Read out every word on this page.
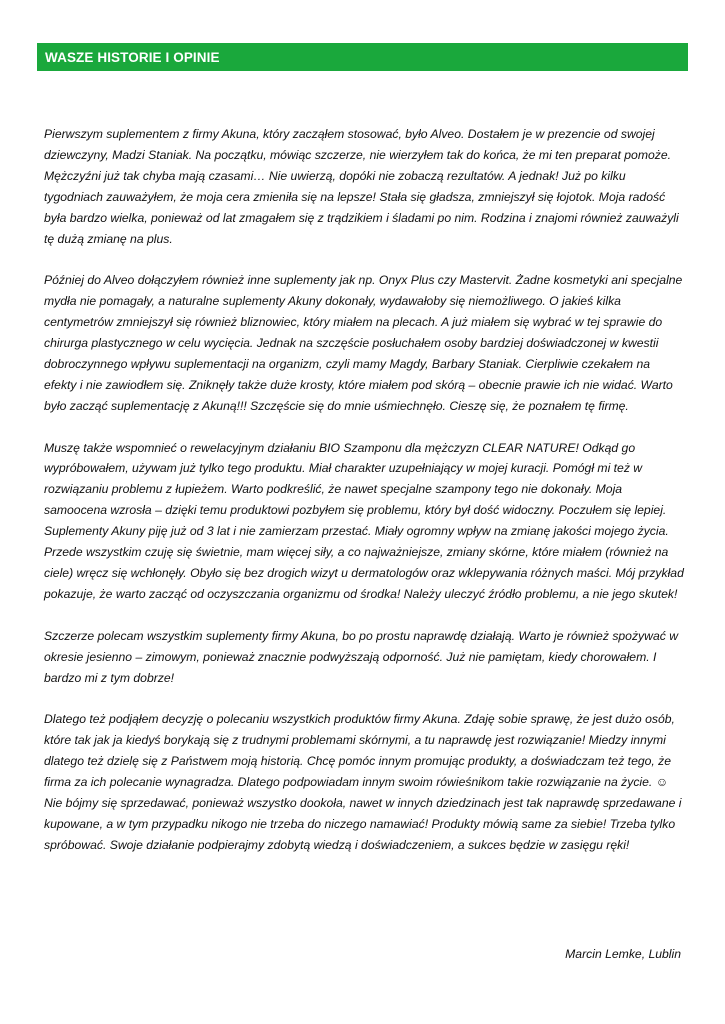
WASZE HISTORIE I OPINIE

Pierwszym suplementem z firmy Akuna, który zacząłem stosować, było Alveo. Dostałem je w prezencie od swojej dziewczyny, Madzi Staniak. Na początku, mówiąc szczerze, nie wierzyłem tak do końca, że mi ten preparat pomoże. Mężczyźni już tak chyba mają czasami… Nie uwierzą, dopóki nie zobaczą rezultatów. A jednak! Już po kilku tygodniach zauważyłem, że moja cera zmieniła się na lepsze! Stała się gładsza, zmniejszył się łojotok. Moja radość była bardzo wielka, ponieważ od lat zmagałem się z trądzikiem i śladami po nim. Rodzina i znajomi również zauważyli tę dużą zmianę na plus.

Później do Alveo dołączyłem również inne suplementy jak np. Onyx Plus czy Mastervit. Żadne kosmetyki ani specjalne mydła nie pomagały, a naturalne suplementy Akuny dokonały, wydawałoby się niemożliwego. O jakieś kilka centymetrów zmniejszył się również bliznowiec, który miałem na plecach. A już miałem się wybrać w tej sprawie do chirurga plastycznego w celu wycięcia. Jednak na szczęście posłuchałem osoby bardziej doświadczonej w kwestii dobroczynnego wpływu suplementacji na organizm, czyli mamy Magdy, Barbary Staniak. Cierpliwie czekałem na efekty i nie zawiodłem się. Zniknęły także duże krosty, które miałem pod skórą – obecnie prawie ich nie widać. Warto było zacząć suplementację z Akuną!!! Szczęście się do mnie uśmiechnęło. Cieszę się, że poznałem tę firmę.

Muszę także wspomnieć o rewelacyjnym działaniu BIO Szamponu dla mężczyzn CLEAR NATURE! Odkąd go wypróbowałem, używam już tylko tego produktu. Miał charakter uzupełniający w mojej kuracji. Pomógł mi też w rozwiązaniu problemu z łupieżem. Warto podkreślić, że nawet specjalne szampony tego nie dokonały. Moja samoocena wzrosła – dzięki temu produktowi pozbyłem się problemu, który był dość widoczny. Poczułem się lepiej.

Suplementy Akuny piję już od 3 lat i nie zamierzam przestać. Miały ogromny wpływ na zmianę jakości mojego życia. Przede wszystkim czuję się świetnie, mam więcej siły, a co najważniejsze, zmiany skórne, które miałem (również na ciele) wręcz się wchłonęły. Obyło się bez drogich wizyt u dermatologów oraz wklepywania różnych maści. Mój przykład pokazuje, że warto zacząć od oczyszczania organizmu od środka! Należy uleczyć źródło problemu, a nie jego skutek!

Szczerze polecam wszystkim suplementy firmy Akuna, bo po prostu naprawdę działają. Warto je również spożywać w okresie jesienno – zimowym, ponieważ znacznie podwyższają odporność. Już nie pamiętam, kiedy chorowałem. I bardzo mi z tym dobrze!

Dlatego też podjąłem decyzję o polecaniu wszystkich produktów firmy Akuna. Zdaję sobie sprawę, że jest dużo osób, które tak jak ja kiedyś borykają się z trudnymi problemami skórnymi, a tu naprawdę jest rozwiązanie! Miedzy innymi dlatego też dzielę się z Państwem moją historią. Chcę pomóc innym promując produkty, a doświadczam też tego, że firma za ich polecanie wynagradza. Dlatego podpowiadam innym swoim rówieśnikom takie rozwiązanie na życie. ☺Nie bójmy się sprzedawać, ponieważ wszystko dookoła, nawet w innych dziedzinach jest tak naprawdę sprzedawane i kupowane, a w tym przypadku nikogo nie trzeba do niczego namawiać! Produkty mówią same za siebie! Trzeba tylko spróbować. Swoje działanie podpierajmy zdobytą wiedzą i doświadczeniem, a sukces będzie w zasięgu ręki!

Marcin Lemke, Lublin
